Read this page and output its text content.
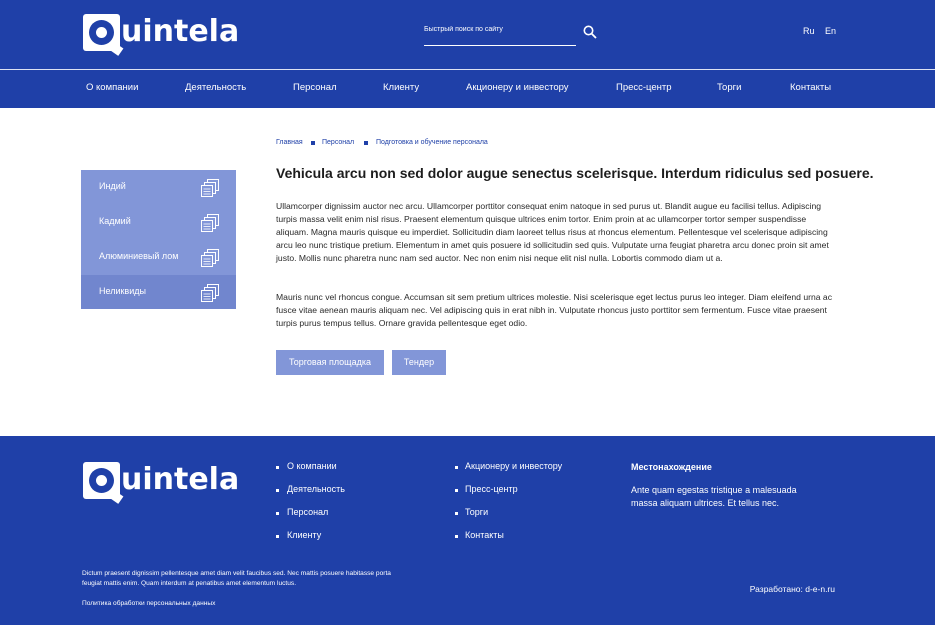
uintela
Быстрый поиск по сайту	Ru En
О компании	Деятельность	Персонал	Клиенту	Акционеру и инвестору	Пресс-центр	Торги	Контакты
Индий
Кадмий
Алюминиевый лом
Неликвиды
Главная	Персонал	Подготовка и обучение персонала
Vehicula arcu non sed dolor augue senectus scelerisque. Interdum ridiculus sed posuere.

Ullamcorper dignissim auctor nec arcu. Ullamcorper porttitor consequat enim natoque in sed purus ut. Blandit augue eu facilisi tellus. Adipiscing turpis massa velit enim nisl risus. Praesent elementum quisque ultrices enim tortor. Enim proin at ac ullamcorper tortor semper suspendisse aliquam. Magna mauris quisque eu imperdiet. Sollicitudin diam laoreet tellus risus at rhoncus elementum. Pellentesque vel scelerisque adipiscing arcu leo nunc tristique pretium. Elementum in amet quis posuere id sollicitudin sed quis. Vulputate urna feugiat pharetra arcu donec proin sit amet justo. Mollis nunc pharetra nunc nam sed auctor. Nec non enim nisi neque elit nisl nulla. Lobortis commodo diam ut a.

Mauris nunc vel rhoncus congue. Accumsan sit sem pretium ultrices molestie. Nisi scelerisque eget lectus purus leo integer. Diam eleifend urna ac fusce vitae aenean mauris aliquam nec. Vel adipiscing quis in erat nibh in. Vulputate rhoncus justo porttitor sem fermentum. Fusce vitae praesent turpis purus tempus tellus. Ornare gravida pellentesque eget odio.

Торговая площадка	Тендер
uintela	О компании
Деятельность
Персонал
Клиенту
Акционеру и инвестору
Пресс-центр
Торги
Контакты
Местонахождение

Ante quam egestas tristique a malesuada massa aliquam ultrices. Et tellus nec.

Dictum praesent dignissim pellentesque amet diam velit faucibus sed. Nec mattis posuere habitasse porta feugiat mattis enim. Quam interdum at penatibus amet elementum luctus.

Политика обработки персональных данных
Разработано: d-e-n.ru
